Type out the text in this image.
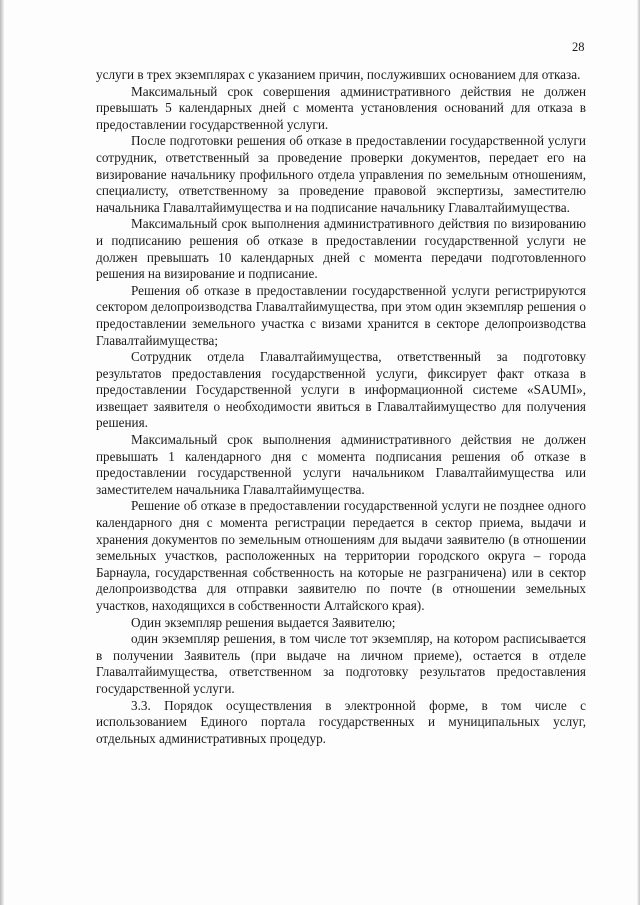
28

услуги в трех экземплярах с указанием причин, послуживших основанием для отказа.

Максимальный срок совершения административного действия не должен превышать 5 календарных дней с момента установления оснований для отказа в предоставлении государственной услуги.

После подготовки решения об отказе в предоставлении государственной услуги сотрудник, ответственный за проведение проверки документов, передает его на визирование начальнику профильного отдела управления по земельным отношениям, специалисту, ответственному за проведение правовой экспертизы, заместителю начальника Главалтайимущества и на подписание начальнику Главалтайимущества.

Максимальный срок выполнения административного действия по визированию и подписанию решения об отказе в предоставлении государственной услуги не должен превышать 10 календарных дней с момента передачи подготовленного решения на визирование и подписание.

Решения об отказе в предоставлении государственной услуги регистрируются сектором делопроизводства Главалтайимущества, при этом один экземпляр решения о предоставлении земельного участка с визами хранится в секторе делопроизводства Главалтайимущества;

Сотрудник отдела Главалтайимущества, ответственный за подготовку результатов предоставления государственной услуги, фиксирует факт отказа в предоставлении Государственной услуги в информационной системе «SAUMI», извещает заявителя о необходимости явиться в Главалтайимущество для получения решения.

Максимальный срок выполнения административного действия не должен превышать 1 календарного дня с момента подписания решения об отказе в предоставлении государственной услуги начальником Главалтайимущества или заместителем начальника Главалтайимущества.

Решение об отказе в предоставлении государственной услуги не позднее одного календарного дня с момента регистрации передается в сектор приема, выдачи и хранения документов по земельным отношениям для выдачи заявителю (в отношении земельных участков, расположенных на территории городского округа – города Барнаула, государственная собственность на которые не разграничена) или в сектор делопроизводства для отправки заявителю по почте (в отношении земельных участков, находящихся в собственности Алтайского края).

Один экземпляр решения выдается Заявителю;

один экземпляр решения, в том числе тот экземпляр, на котором расписывается в получении Заявитель (при выдаче на личном приеме), остается в отделе Главалтайимущества, ответственном за подготовку результатов предоставления государственной услуги.

3.3. Порядок осуществления в электронной форме, в том числе с использованием Единого портала государственных и муниципальных услуг, отдельных административных процедур.
